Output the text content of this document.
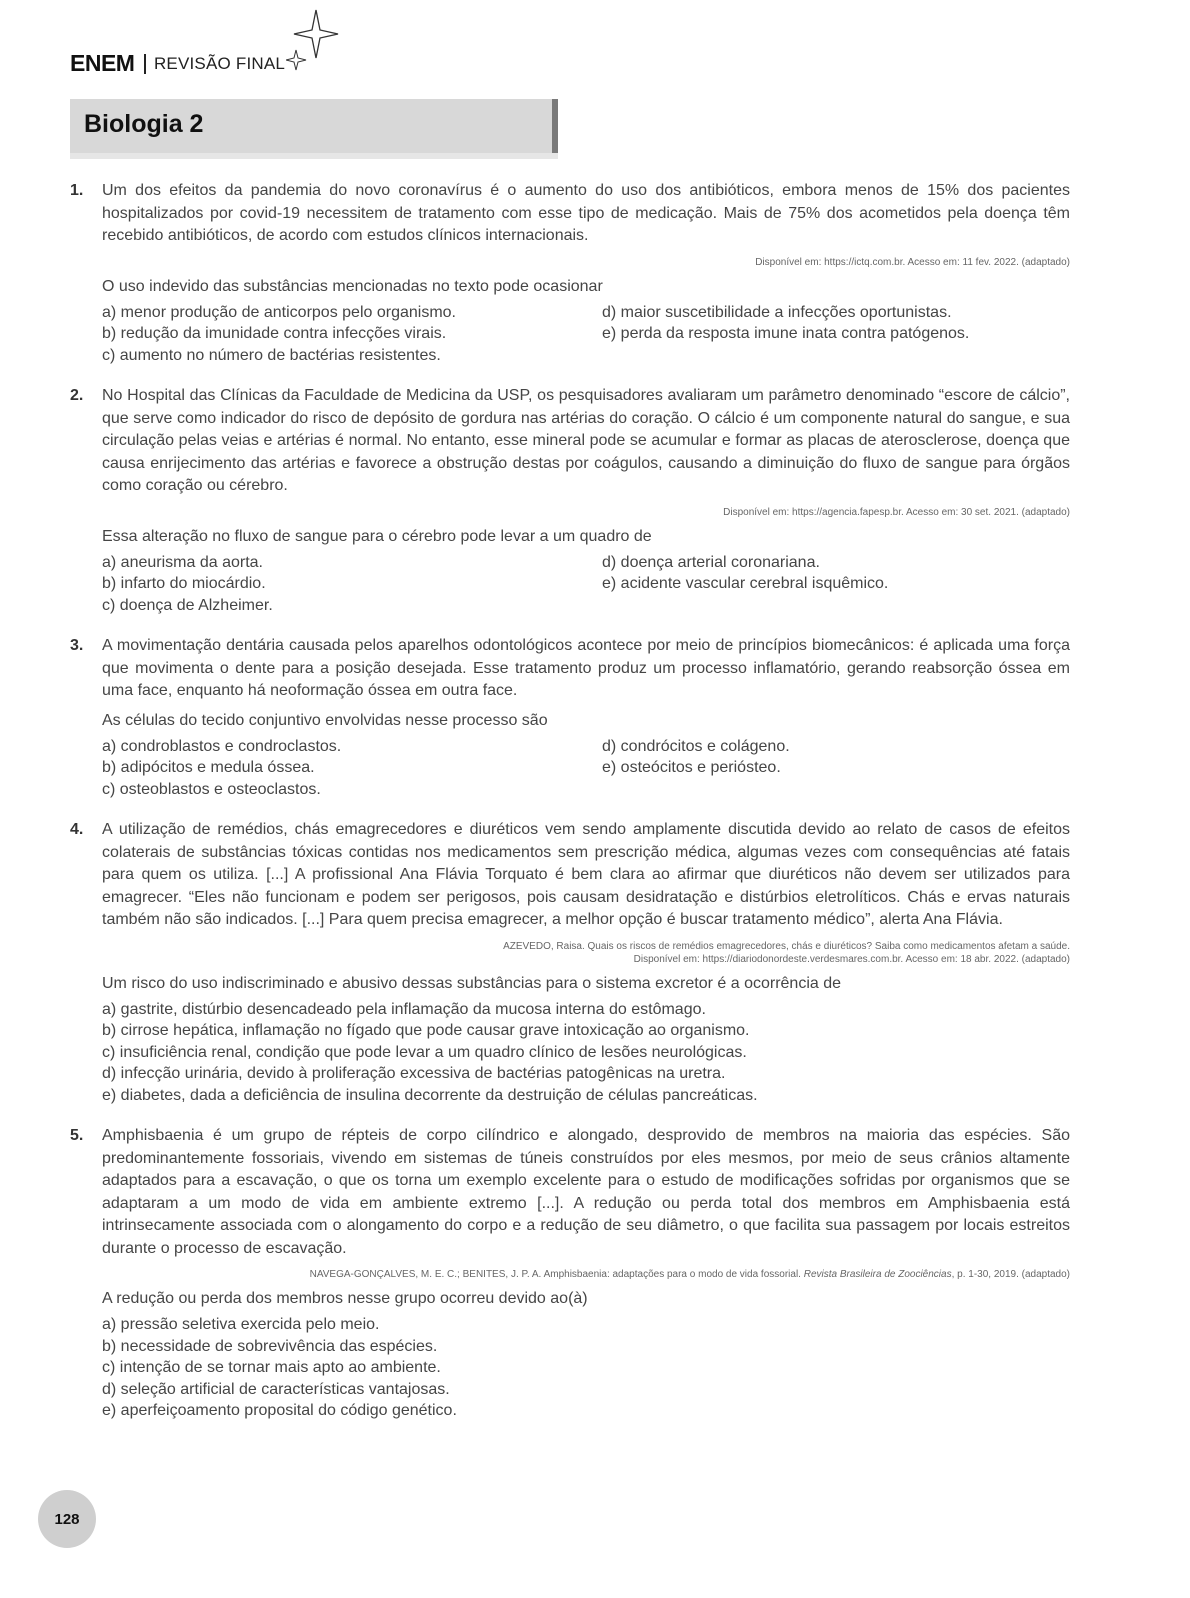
ENEM REVISÃO FINAL
Biologia 2
1. Um dos efeitos da pandemia do novo coronavírus é o aumento do uso dos antibióticos, embora menos de 15% dos pacientes hospitalizados por covid-19 necessitem de tratamento com esse tipo de medicação. Mais de 75% dos acometidos pela doença têm recebido antibióticos, de acordo com estudos clínicos internacionais.
Disponível em: https://ictq.com.br. Acesso em: 11 fev. 2022. (adaptado)
O uso indevido das substâncias mencionadas no texto pode ocasionar
a) menor produção de anticorpos pelo organismo.
b) redução da imunidade contra infecções virais.
c) aumento no número de bactérias resistentes.
d) maior suscetibilidade a infecções oportunistas.
e) perda da resposta imune inata contra patógenos.
2. No Hospital das Clínicas da Faculdade de Medicina da USP, os pesquisadores avaliaram um parâmetro denominado “escore de cálcio”, que serve como indicador do risco de depósito de gordura nas artérias do coração. O cálcio é um componente natural do sangue, e sua circulação pelas veias e artérias é normal. No entanto, esse mineral pode se acumular e formar as placas de aterosclerose, doença que causa enrijecimento das artérias e favorece a obstrução destas por coágulos, causando a diminuição do fluxo de sangue para órgãos como coração ou cérebro.
Disponível em: https://agencia.fapesp.br. Acesso em: 30 set. 2021. (adaptado)
Essa alteração no fluxo de sangue para o cérebro pode levar a um quadro de
a) aneurisma da aorta.
b) infarto do miocárdio.
c) doença de Alzheimer.
d) doença arterial coronariana.
e) acidente vascular cerebral isquêmico.
3. A movimentação dentária causada pelos aparelhos odontológicos acontece por meio de princípios biomecânicos: é aplicada uma força que movimenta o dente para a posição desejada. Esse tratamento produz um processo inflamatório, gerando reabsorção óssea em uma face, enquanto há neoformação óssea em outra face.
As células do tecido conjuntivo envolvidas nesse processo são
a) condroblastos e condroclastos.
b) adipócitos e medula óssea.
c) osteoblastos e osteoclastos.
d) condrócitos e colágeno.
e) osteócitos e periósteo.
4. A utilização de remédios, chás emagrecedores e diuréticos vem sendo amplamente discutida devido ao relato de casos de efeitos colaterais de substâncias tóxicas contidas nos medicamentos sem prescrição médica, algumas vezes com consequências até fatais para quem os utiliza. [...] A profissional Ana Flávia Torquato é bem clara ao afirmar que diuréticos não devem ser utilizados para emagrecer. “Eles não funcionam e podem ser perigosos, pois causam desidratação e distúrbios eletrolíticos. Chás e ervas naturais também não são indicados. [...] Para quem precisa emagrecer, a melhor opção é buscar tratamento médico”, alerta Ana Flávia.
AZEVEDO, Raisa. Quais os riscos de remédios emagrecedores, chás e diuréticos? Saiba como medicamentos afetam a saúde.
Disponível em: https://diariodonordeste.verdesmares.com.br. Acesso em: 18 abr. 2022. (adaptado)
Um risco do uso indiscriminado e abusivo dessas substâncias para o sistema excretor é a ocorrência de
a) gastrite, distúrbio desencadeado pela inflamação da mucosa interna do estômago.
b) cirrose hepática, inflamação no fígado que pode causar grave intoxicação ao organismo.
c) insuficiência renal, condição que pode levar a um quadro clínico de lesões neurológicas.
d) infecção urinária, devido à proliferação excessiva de bactérias patogênicas na uretra.
e) diabetes, dada a deficiência de insulina decorrente da destruição de células pancreáticas.
5. Amphisbaenia é um grupo de répteis de corpo cilíndrico e alongado, desprovido de membros na maioria das espécies. São predominantemente fossoriais, vivendo em sistemas de túneis construídos por eles mesmos, por meio de seus crânios altamente adaptados para a escavação, o que os torna um exemplo excelente para o estudo de modificações sofridas por organismos que se adaptaram a um modo de vida em ambiente extremo [...]. A redução ou perda total dos membros em Amphisbaenia está intrinsecamente associada com o alongamento do corpo e a redução de seu diâmetro, o que facilita sua passagem por locais estreitos durante o processo de escavação.
NAVEGA-GONÇALVES, M. E. C.; BENITES, J. P. A. Amphisbaenia: adaptações para o modo de vida fossorial. Revista Brasileira de Zoociências, p. 1-30, 2019. (adaptado)
A redução ou perda dos membros nesse grupo ocorreu devido ao(à)
a) pressão seletiva exercida pelo meio.
b) necessidade de sobrevivência das espécies.
c) intenção de se tornar mais apto ao ambiente.
d) seleção artificial de características vantajosas.
e) aperfeiçoamento proposital do código genético.
128
